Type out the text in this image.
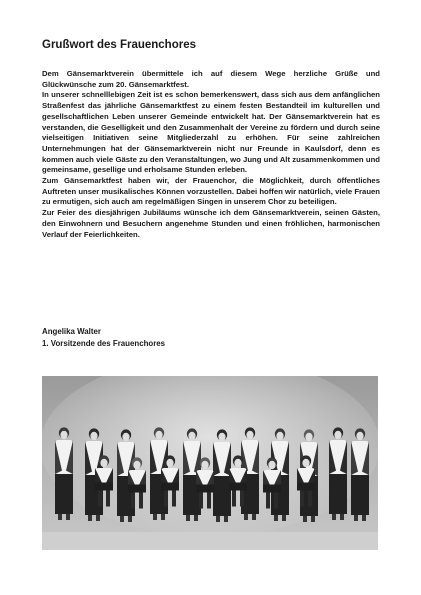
Grußwort des Frauenchores

Dem Gänsemarktverein übermittele ich auf diesem Wege herzliche Grüße und Glückwünsche zum 20. Gänsemarktfest.

In unserer schnelllebigen Zeit ist es schon bemerkenswert, dass sich aus dem anfänglichen Straßenfest das jährliche Gänsemarktfest zu einem festen Bestandteil im kulturellen und gesellschaftlichen Leben unserer Gemeinde entwickelt hat. Der Gänsemarktverein hat es verstanden, die Geselligkeit und den Zusammenhalt der Vereine zu fördern und durch seine vielseitigen Initiativen seine Mitgliederzahl zu erhöhen. Für seine zahlreichen Unternehmungen hat der Gänsemarktverein nicht nur Freunde in Kaulsdorf, denn es kommen auch viele Gäste zu den Veranstaltungen, wo Jung und Alt zusammenkommen und gemeinsame, gesellige und erholsame Stunden erleben.

Zum Gänsemarktfest haben wir, der Frauenchor, die Möglichkeit, durch öffentliches Auftreten unser musikalisches Können vorzustellen. Dabei hoffen wir natürlich, viele Frauen zu ermutigen, sich auch am regelmäßigen Singen in unserem Chor zu beteiligen.

Zur Feier des diesjährigen Jubiläums wünsche ich dem Gänsemarktverein, seinen Gästen, den Einwohnern und Besuchern angenehme Stunden und einen fröhlichen, harmonischen Verlauf der Feierlichkeiten.

Angelika Walter
1. Vorsitzende des Frauenchores
